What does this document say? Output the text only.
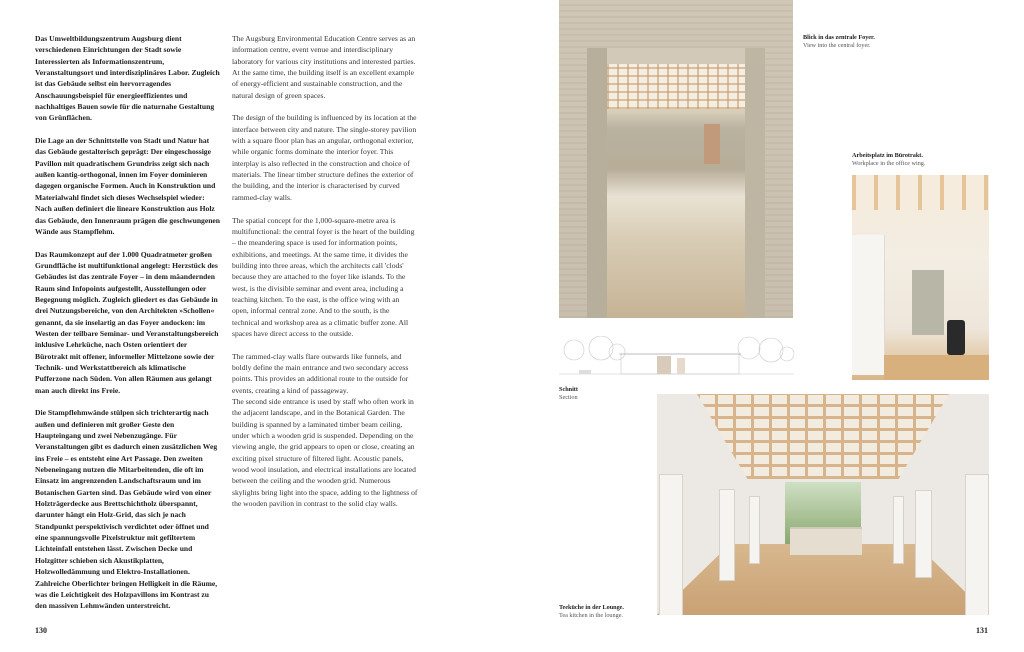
Das Umweltbildungszentrum Augsburg dient verschiedenen Einrichtungen der Stadt sowie Interessierten als Informationszentrum, Veranstaltungsort und interdisziplinäres Labor. Zugleich ist das Gebäude selbst ein hervorragendes Anschauungsbeispiel für energieeffizientes und nachhaltiges Bauen sowie für die naturnahe Gestaltung von Grünflächen.

Die Lage an der Schnittstelle von Stadt und Natur hat das Gebäude gestalterisch geprägt: Der eingeschossige Pavillon mit quadratischem Grundriss zeigt sich nach außen kantig-orthogonal, innen im Foyer dominieren dagegen organische Formen. Auch in Konstruktion und Materialwahl findet sich dieses Wechselspiel wieder: Nach außen definiert die lineare Konstruktion aus Holz das Gebäude, den Innenraum prägen die geschwungenen Wände aus Stampflehm.

Das Raumkonzept auf der 1.000 Quadratmeter großen Grundfläche ist multifunktional angelegt: Herzstück des Gebäudes ist das zentrale Foyer – in dem mäandernden Raum sind Infopoints aufgestellt, Ausstellungen oder Begegnung möglich. Zugleich gliedert es das Gebäude in drei Nutzungsbereiche, von den Architekten »Schollen« genannt, da sie inselartig an das Foyer andocken: im Westen der teilbare Seminar- und Veranstaltungsbereich inklusive Lehrküche, nach Osten orientiert der Bürotrakt mit offener, informeller Mittelzone sowie der Technik- und Werkstattbereich als klimatische Pufferzone nach Süden. Von allen Räumen aus gelangt man auch direkt ins Freie.

Die Stampflehmwände stülpen sich trichterartig nach außen und definieren mit großer Geste den Haupteingang und zwei Nebenzugänge. Für Veranstaltungen gibt es dadurch einen zusätzlichen Weg ins Freie – es entsteht eine Art Passage. Den zweiten Nebeneingang nutzen die Mitarbeitenden, die oft im Einsatz im angrenzenden Landschaftsraum und im Botanischen Garten sind. Das Gebäude wird von einer Holzträgerdecke aus Brettschichtholz überspannt, darunter hängt ein Holz-Grid, das sich je nach Standpunkt perspektivisch verdichtet oder öffnet und eine spannungsvolle Pixelstruktur mit gefiltertem Lichteinfall entstehen lässt. Zwischen Decke und Holzgitter schieben sich Akustikplatten, Holzwolledämmung und Elektro-Installationen. Zahlreiche Oberlichter bringen Helligkeit in die Räume, was die Leichtigkeit des Holzpavillons im Kontrast zu den massiven Lehmwänden unterstreicht.

The Augsburg Environmental Education Centre serves as an information centre, event venue and interdisciplinary laboratory for various city institutions and interested parties. At the same time, the building itself is an excellent example of energy-efficient and sustainable construction, and the natural design of green spaces.

The design of the building is influenced by its location at the interface between city and nature. The single-storey pavilion with a square floor plan has an angular, orthogonal exterior, while organic forms dominate the interior foyer. This interplay is also reflected in the construction and choice of materials. The linear timber structure defines the exterior of the building, and the interior is characterised by curved rammed-clay walls.

The spatial concept for the 1,000-square-metre area is multifunctional: the central foyer is the heart of the building – the meandering space is used for information points, exhibitions, and meetings. At the same time, it divides the building into three areas, which the architects call 'clods' because they are attached to the foyer like islands. To the west, is the divisible seminar and event area, including a teaching kitchen. To the east, is the office wing with an open, informal central zone. And to the south, is the technical and workshop area as a climatic buffer zone. All spaces have direct access to the outside.

The rammed-clay walls flare outwards like funnels, and boldly define the main entrance and two secondary access points. This provides an additional route to the outside for events, creating a kind of passageway.

The second side entrance is used by staff who often work in the adjacent landscape, and in the Botanical Garden. The building is spanned by a laminated timber beam ceiling, under which a wooden grid is suspended. Depending on the viewing angle, the grid appears to open or close, creating an exciting pixel structure of filtered light. Acoustic panels, wood wool insulation, and electrical installations are located between the ceiling and the wooden grid. Numerous skylights bring light into the space, adding to the lightness of the wooden pavilion in contrast to the solid clay walls.

130
Blick in das zentrale Foyer.
View into the central foyer.
Arbeitsplatz im Bürotrakt.
Workplace in the office wing.
Schnitt
Section
Teeküche in der Lounge.
Tea kitchen in the lounge.
131
